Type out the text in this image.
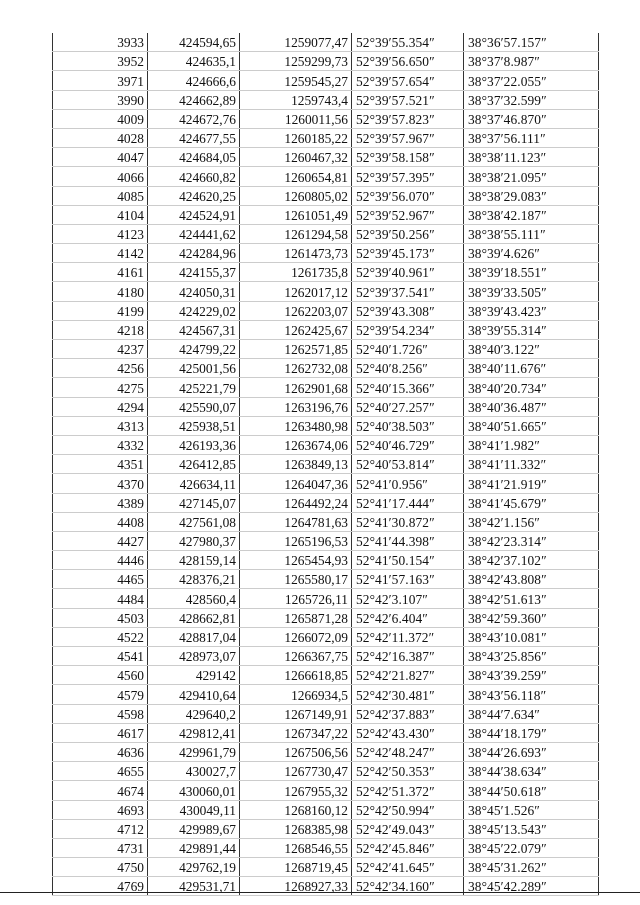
3933	424594,65	1259077,47	52°39′55.354″	38°36′57.157″
3952	424635,1	1259299,73	52°39′56.650″	38°37′8.987″
3971	424666,6	1259545,27	52°39′57.654″	38°37′22.055″
3990	424662,89	1259743,4	52°39′57.521″	38°37′32.599″
4009	424672,76	1260011,56	52°39′57.823″	38°37′46.870″
4028	424677,55	1260185,22	52°39′57.967″	38°37′56.111″
4047	424684,05	1260467,32	52°39′58.158″	38°38′11.123″
4066	424660,82	1260654,81	52°39′57.395″	38°38′21.095″
4085	424620,25	1260805,02	52°39′56.070″	38°38′29.083″
4104	424524,91	1261051,49	52°39′52.967″	38°38′42.187″
4123	424441,62	1261294,58	52°39′50.256″	38°38′55.111″
4142	424284,96	1261473,73	52°39′45.173″	38°39′4.626″
4161	424155,37	1261735,8	52°39′40.961″	38°39′18.551″
4180	424050,31	1262017,12	52°39′37.541″	38°39′33.505″
4199	424229,02	1262203,07	52°39′43.308″	38°39′43.423″
4218	424567,31	1262425,67	52°39′54.234″	38°39′55.314″
4237	424799,22	1262571,85	52°40′1.726″	38°40′3.122″
4256	425001,56	1262732,08	52°40′8.256″	38°40′11.676″
4275	425221,79	1262901,68	52°40′15.366″	38°40′20.734″
4294	425590,07	1263196,76	52°40′27.257″	38°40′36.487″
4313	425938,51	1263480,98	52°40′38.503″	38°40′51.665″
4332	426193,36	1263674,06	52°40′46.729″	38°41′1.982″
4351	426412,85	1263849,13	52°40′53.814″	38°41′11.332″
4370	426634,11	1264047,36	52°41′0.956″	38°41′21.919″
4389	427145,07	1264492,24	52°41′17.444″	38°41′45.679″
4408	427561,08	1264781,63	52°41′30.872″	38°42′1.156″
4427	427980,37	1265196,53	52°41′44.398″	38°42′23.314″
4446	428159,14	1265454,93	52°41′50.154″	38°42′37.102″
4465	428376,21	1265580,17	52°41′57.163″	38°42′43.808″
4484	428560,4	1265726,11	52°42′3.107″	38°42′51.613″
4503	428662,81	1265871,28	52°42′6.404″	38°42′59.360″
4522	428817,04	1266072,09	52°42′11.372″	38°43′10.081″
4541	428973,07	1266367,75	52°42′16.387″	38°43′25.856″
4560	429142	1266618,85	52°42′21.827″	38°43′39.259″
4579	429410,64	1266934,5	52°42′30.481″	38°43′56.118″
4598	429640,2	1267149,91	52°42′37.883″	38°44′7.634″
4617	429812,41	1267347,22	52°42′43.430″	38°44′18.179″
4636	429961,79	1267506,56	52°42′48.247″	38°44′26.693″
4655	430027,7	1267730,47	52°42′50.353″	38°44′38.634″
4674	430060,01	1267955,32	52°42′51.372″	38°44′50.618″
4693	430049,11	1268160,12	52°42′50.994″	38°45′1.526″
4712	429989,67	1268385,98	52°42′49.043″	38°45′13.543″
4731	429891,44	1268546,55	52°42′45.846″	38°45′22.079″
4750	429762,19	1268719,45	52°42′41.645″	38°45′31.262″
4769	429531,71	1268927,33	52°42′34.160″	38°45′42.289″
